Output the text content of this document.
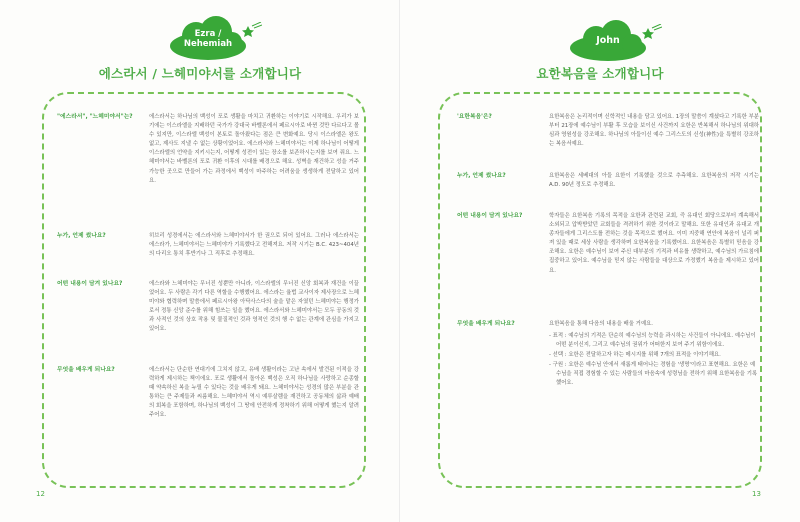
Ezra /
Nehemiah
에스라서 / 느헤미야서를 소개합니다
"에스라서", "느헤미야서"는?	에스라서는 하나님의 백성이 포로 생활을 마치고 귀환하는 이야기로 시작해요. 우리가 보기에는 이스라엘을 지배하던 국가가 강대국 바벨론에서 페르시아로 바뀐 것만 다르다고 볼 수 있지만, 이스라엘 백성이 본토로 돌아왔다는 점은 큰 변화예요. 당시 이스라엘은 왕도 없고, 제사도 지낼 수 없는 상황이었어요. 에스라서와 느헤미야서는 이제 하나님이 어떻게 이스라엘의 언약을 지키시는지, 어떻게 성전이 있는 장소를 보존하시는지를 보여 줘요. 느헤미야서는 바벨론의 포로 귀환 이후의 시대를 배경으로 해요. 성벽을 재건하고 성을 거주 가능한 곳으로 만들어 가는 과정에서 백성이 마주하는 어려움을 생생하게 전달하고 있어요.
누가, 언제 썼나요?	히브리 성경에서는 에스라서와 느헤미야서가 한 권으로 되어 있어요. 그러나 에스라서는 에스라가, 느헤미야서는 느헤미야가 기록했다고 전해져요. 저작 시기는 B.C. 423~404년의 다리오 통치 후반기나 그 직후로 추정해요.
어떤 내용이 담겨 있나요?	에스라와 느헤미야는 무너진 성뿐만 아니라, 이스라엘의 무너진 신앙 회복과 재건을 이끌었어요. 두 사람은 각기 다른 역할을 수행했어요. 에스라는 율법 교사이자 제사장으로 느헤미야와 협력하며 말씀에서 페르시아왕 아닥사스다의 술을 맡은 자였던 느헤미야는 행정가로서 정통 신앙 준수를 위해 힘쓰는 일을 했어요. 에스라서와 느헤미야서는 모두 공동의 것과 사적인 것의 상호 작용 및 물질적인 것과 영적인 것의 행 수 없는 관계에 관심을 가지고 있어요.
무엇을 배우게 되나요?	에스라서는 단순한 연대기에 그치지 않고, 유배 생활이라는 고난 속에서 발견된 이적을 강력하게 제시하는 책이에요. 포로 생활에서 돌아온 백성은 오직 하나님을 사랑하고 순종할 때 약속하신 복을 누릴 수 있다는 것을 배우게 돼요. 느헤미야서는 성경의 많은 부분을 관통하는 큰 주제들과 씨름해요. 느헤미야서 역시 예루살렘을 재건하고 공동체의 삶과 예배의 회복을 포함하며, 하나님의 백성이 그 땅에 안전하게 정착하기 위해 어떻게 했는지 알려 주어요.
12
John
요한복음을 소개합니다
'요한복음'은?	요한복음은 논리적이며 신학적인 내용을 담고 있어요. 1장의 말씀이 계셨다고 기록한 부분부터 21장에 예수님이 부활 후 모습을 보이신 사건까지 요한은 반복해서 하나님의 위대하심과 영원성을 강조해요. 하나님의 아들이신 예수 그리스도의 신성(神性)을 특별히 강조하는 복음서예요.
누가, 언제 썼나요?	요한복음은 세베대의 아들 요한이 기록했을 것으로 추측해요. 요한복음의 저작 시기는 A.D. 90년 정도로 추정해요.
어떤 내용이 담겨 있나요?	학자들은 요한복음 기록의 목적을 요한과 관련된 교회, 즉 유대인 회당으로부터 계속해서 소외되고 압박받았던 교회들을 격려하기 위한 것이라고 말해요. 또한 유대인과 유대교 개종자들에게 그리스도를 전하는 것을 목적으로 했어요. 이미 지중해 연안에 복음이 널리 퍼져 있을 때로 세상 사람을 생각하며 요한복음을 기록했어요. 요한복음은 특별히 믿음을 강조해요. 요한은 예수님이 보여 주신 대부분의 기적과 비유를 생략하고, 예수님의 가르침에 집중하고 있어요. 예수님을 믿지 않는 사람들을 대상으로 가정했기 복음을 제시하고 있어요.
무엇을 배우게 되나요?	요한복음을 통해 다음의 내용을 배울 거예요.
- 표적 : 예수님의 기적은 단순히 예수님의 능력을 과시하는 사건들이 아니에요. 예수님이 어떤 분이신지, 그리고 예수님의 권위가 어떠한지 보여 주기 위함이에요.
- 선택 : 요한은 전달하고자 하는 메시지를 위해 7개의 표적을 이야기해요.
- 구원 : 요한은 예수님 안에서 새롭게 태어나는 경험을 '생명'이라고 표현해요. 요한은 예수님을 직접 경험할 수 있는 사람들의 마음속에 성령님을 전하기 위해 요한복음을 기록했어요.
13
